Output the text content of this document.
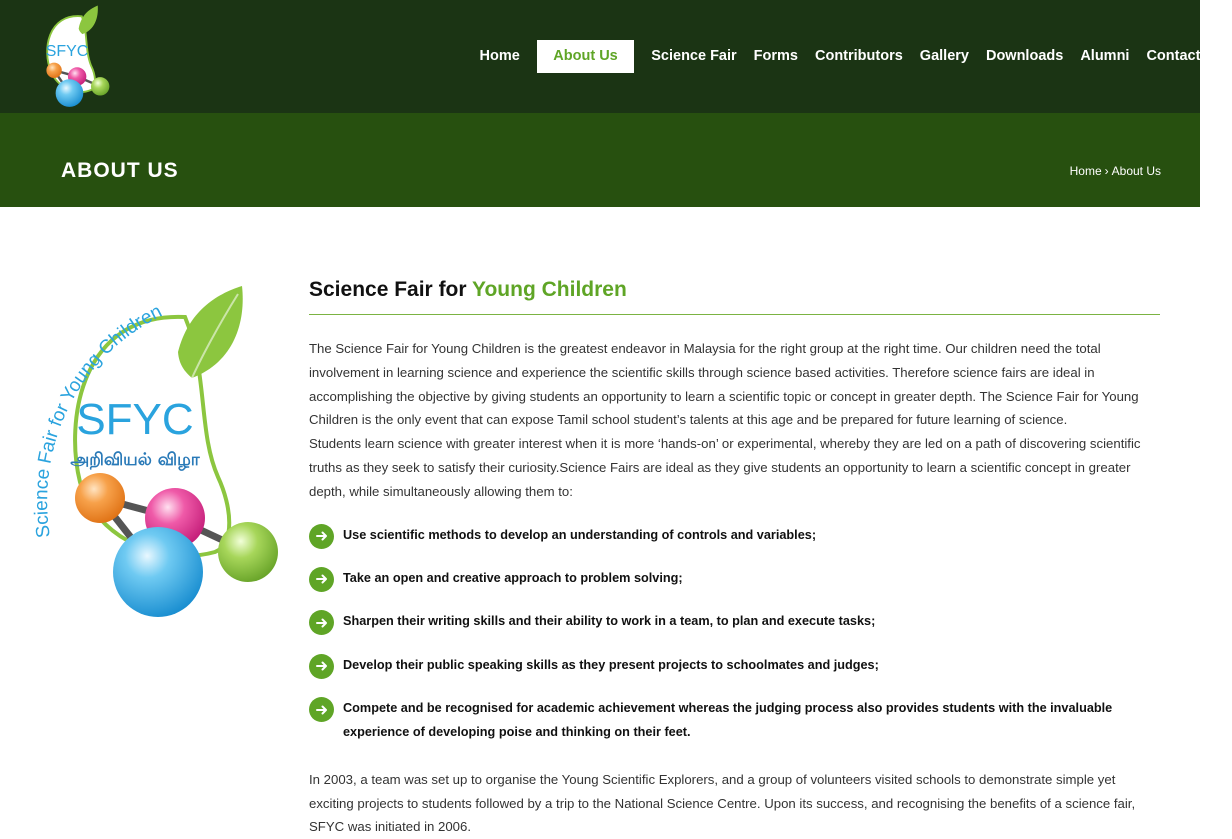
SFYC	Home	About Us	Science Fair	Forms	Contributors	Gallery	Downloads	Alumni	Contact Us
ABOUT US	Home › About Us
Science Fair for Young Children
SFYC
அறிவியல் விழா
Science Fair for Young Children

The Science Fair for Young Children is the greatest endeavor in Malaysia for the right group at the right time. Our children need the total involvement in learning science and experience the scientific skills through science based activities. Therefore science fairs are ideal in accomplishing the objective by giving students an opportunity to learn a scientific topic or concept in greater depth. The Science Fair for Young Children is the only event that can expose Tamil school student’s talents at this age and be prepared for future learning of science.

Students learn science with greater interest when it is more ‘hands-on’ or experimental, whereby they are led on a path of discovering scientific truths as they seek to satisfy their curiosity.Science Fairs are ideal as they give students an opportunity to learn a scientific concept in greater depth, while simultaneously allowing them to:

Use scientific methods to develop an understanding of controls and variables;
Take an open and creative approach to problem solving;
Sharpen their writing skills and their ability to work in a team, to plan and execute tasks;
Develop their public speaking skills as they present projects to schoolmates and judges;
Compete and be recognised for academic achievement whereas the judging process also provides students with the invaluable experience of developing poise and thinking on their feet.

In 2003, a team was set up to organise the Young Scientific Explorers, and a group of volunteers visited schools to demonstrate simple yet exciting projects to students followed by a trip to the National Science Centre. Upon its success, and recognising the benefits of a science fair, SFYC was initiated in 2006.
